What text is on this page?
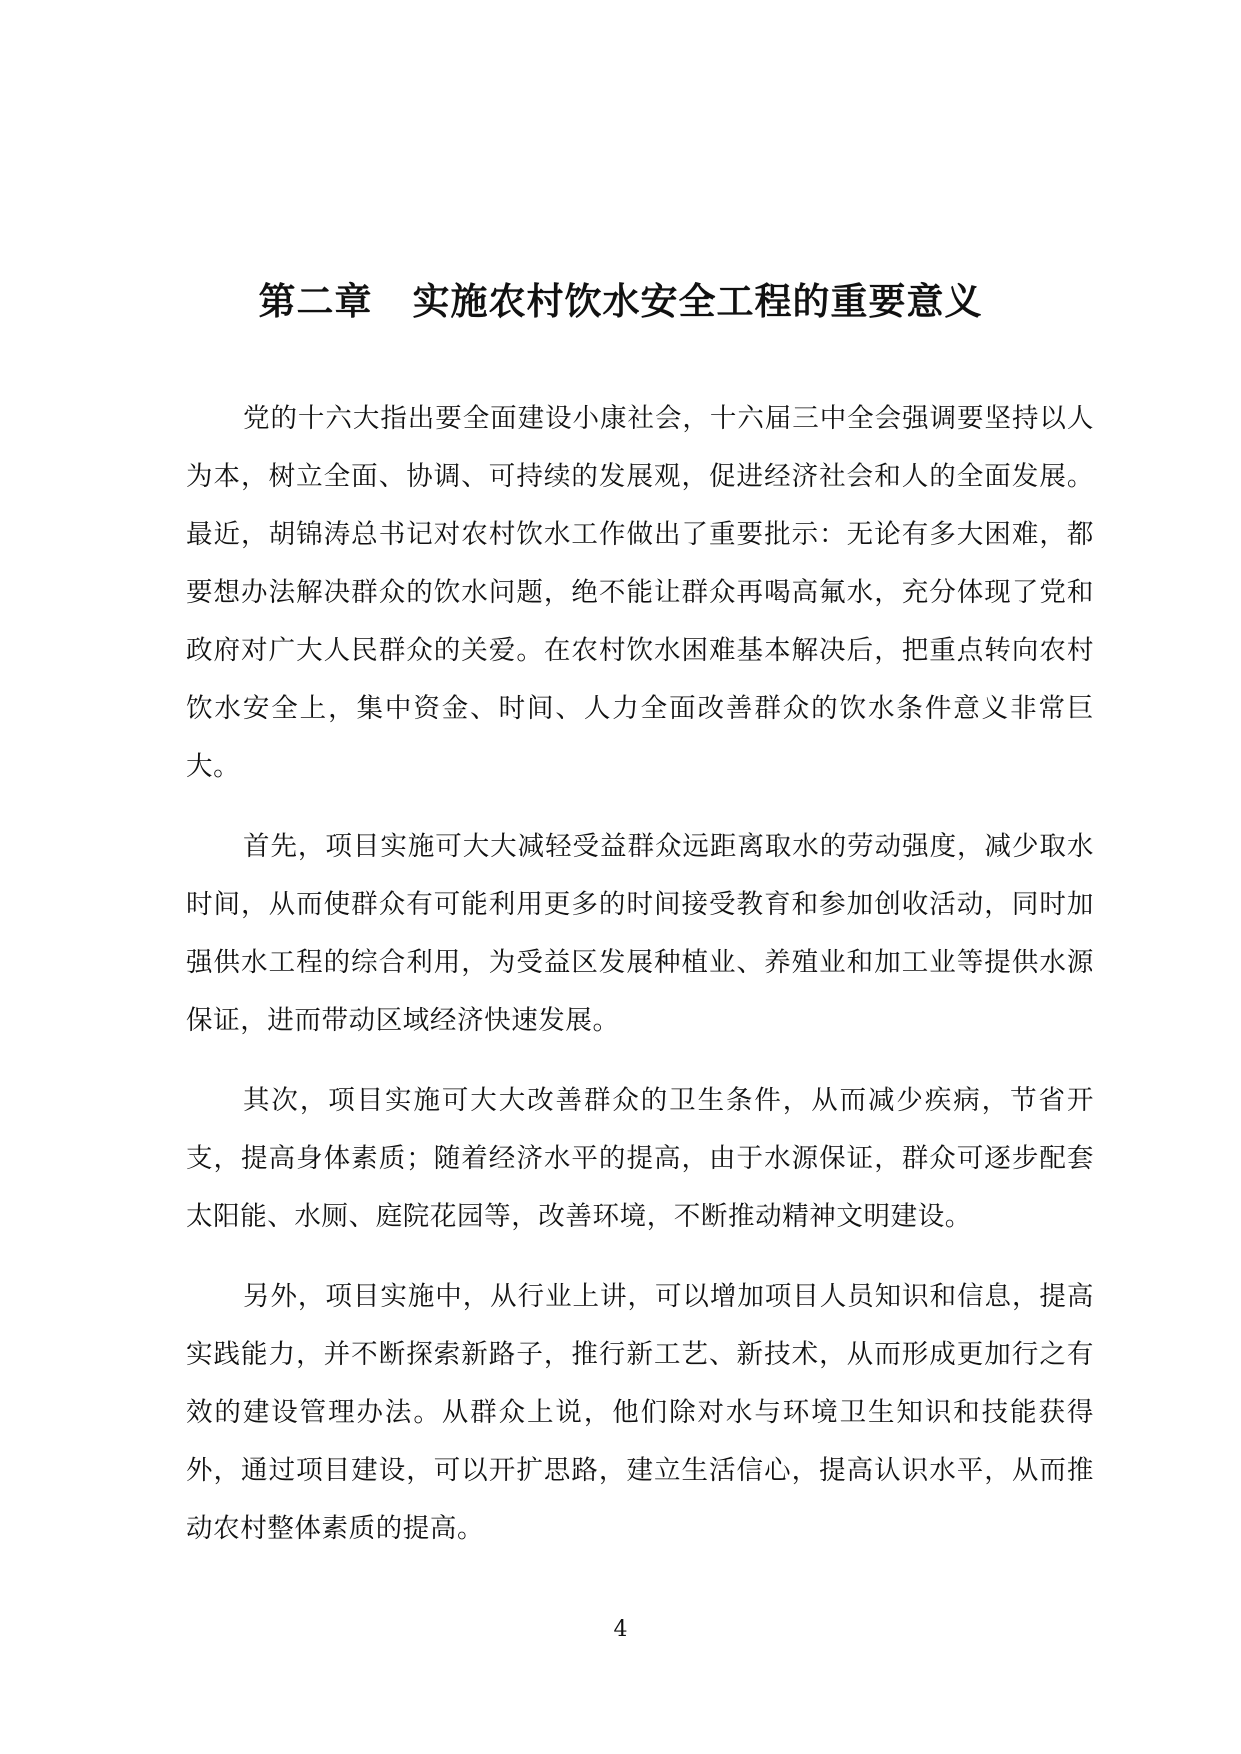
第二章 实施农村饮水安全工程的重要意义

党的十六大指出要全面建设小康社会，十六届三中全会强调要坚持以人为本，树立全面、协调、可持续的发展观，促进经济社会和人的全面发展。最近，胡锦涛总书记对农村饮水工作做出了重要批示：无论有多大困难，都要想办法解决群众的饮水问题，绝不能让群众再喝高氟水，充分体现了党和政府对广大人民群众的关爱。在农村饮水困难基本解决后，把重点转向农村饮水安全上，集中资金、时间、人力全面改善群众的饮水条件意义非常巨大。

首先，项目实施可大大减轻受益群众远距离取水的劳动强度，减少取水时间，从而使群众有可能利用更多的时间接受教育和参加创收活动，同时加强供水工程的综合利用，为受益区发展种植业、养殖业和加工业等提供水源保证，进而带动区域经济快速发展。

其次，项目实施可大大改善群众的卫生条件，从而减少疾病，节省开支，提高身体素质；随着经济水平的提高，由于水源保证，群众可逐步配套太阳能、水厕、庭院花园等，改善环境，不断推动精神文明建设。

另外，项目实施中，从行业上讲，可以增加项目人员知识和信息，提高实践能力，并不断探索新路子，推行新工艺、新技术，从而形成更加行之有效的建设管理办法。从群众上说，他们除对水与环境卫生知识和技能获得外，通过项目建设，可以开扩思路，建立生活信心，提高认识水平，从而推动农村整体素质的提高。

4
